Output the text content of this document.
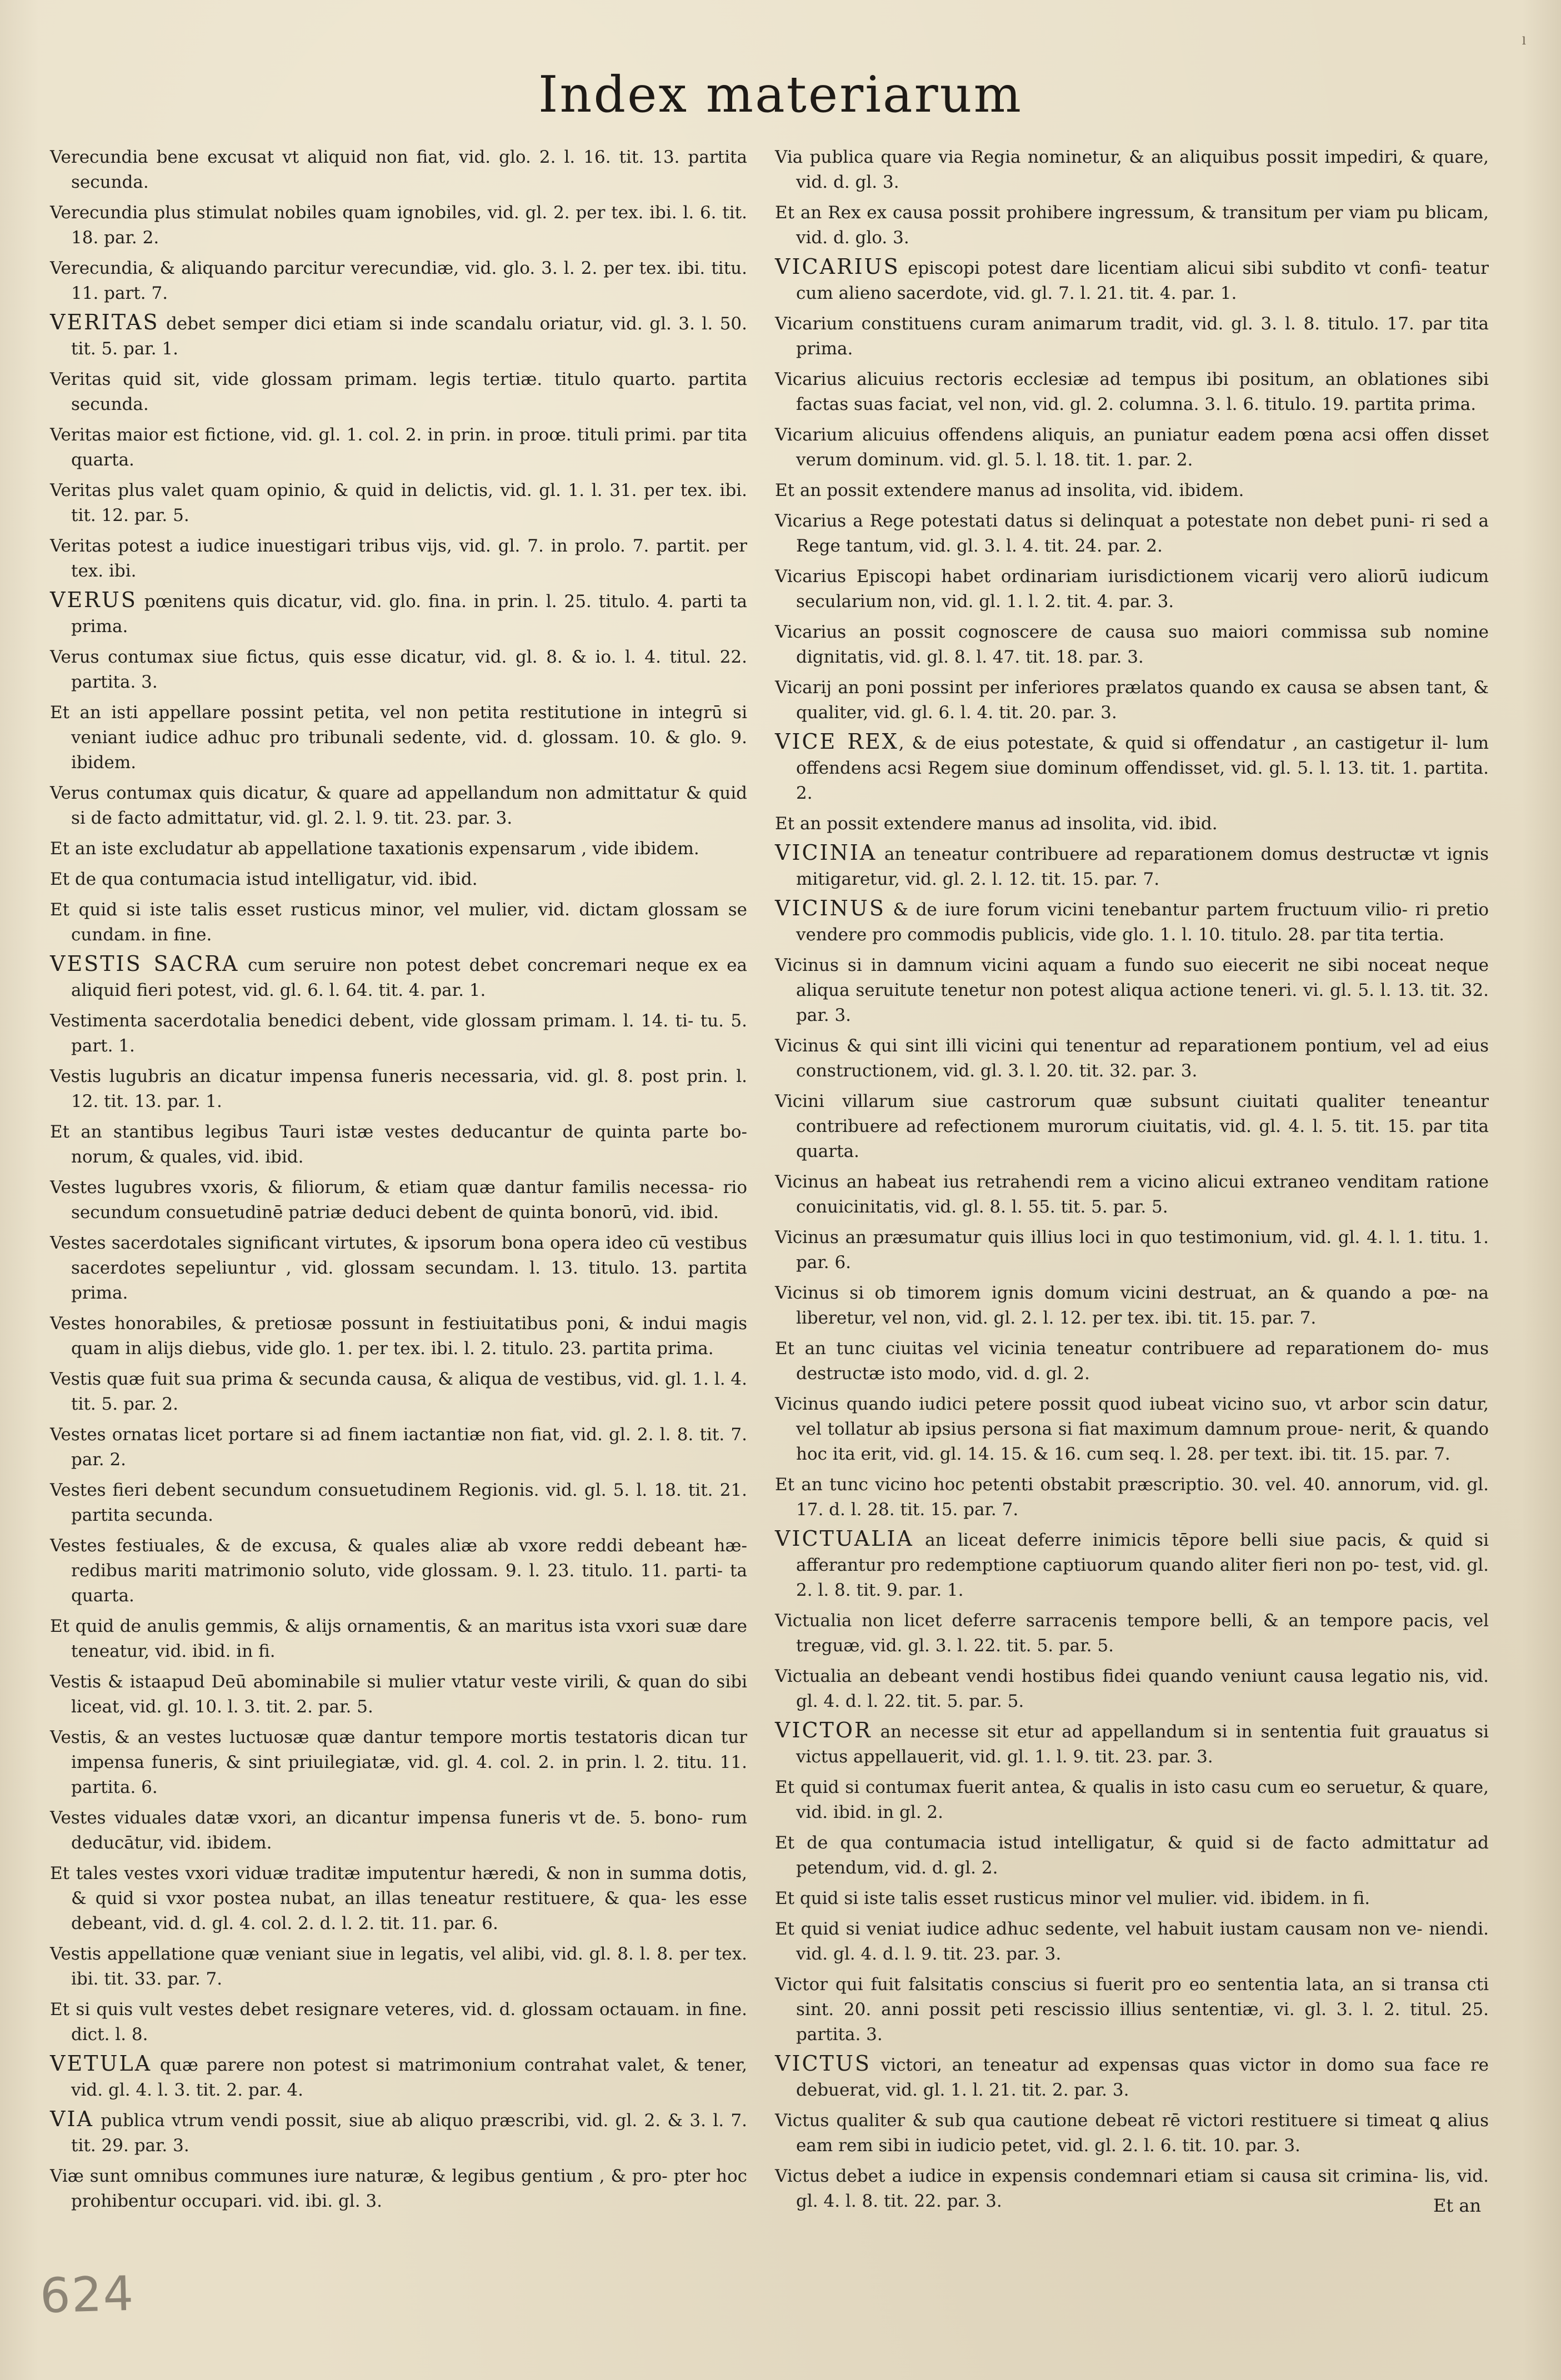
ˡ
Index materiarum
Verecundia bene excusat vt aliquid non fiat, vid. glo. 2. l. 16. tit. 13. partita secunda.
Verecundia plus stimulat nobiles quam ignobiles, vid. gl. 2. per tex. ibi. l. 6. tit. 18. par. 2.
Verecundia, & aliquando parcitur verecundiæ, vid. glo. 3. l. 2. per tex. ibi. titu. 11. part. 7.
VERITAS debet semper dici etiam si inde scandalu oriatur, vid. gl. 3. l. 50. tit. 5. par. 1.
Veritas quid sit, vide glossam primam. legis tertiæ. titulo quarto. partita secunda.
Veritas maior est fictione, vid. gl. 1. col. 2. in prin. in proœ. tituli primi. par tita quarta.
Veritas plus valet quam opinio, & quid in delictis, vid. gl. 1. l. 31. per tex. ibi. tit. 12. par. 5.
Veritas potest a iudice inuestigari tribus vijs, vid. gl. 7. in prolo. 7. partit. per tex. ibi.
VERUS pœnitens quis dicatur, vid. glo. fina. in prin. l. 25. titulo. 4. parti ta prima.
Verus contumax siue fictus, quis esse dicatur, vid. gl. 8. & io. l. 4. titul. 22. partita. 3.
Et an isti appellare possint petita, vel non petita restitutione in integrū si veniant iudice adhuc pro tribunali sedente, vid. d. glossam. 10. & glo. 9. ibidem.
Verus contumax quis dicatur, & quare ad appellandum non admittatur & quid si de facto admittatur, vid. gl. 2. l. 9. tit. 23. par. 3.
Et an iste excludatur ab appellatione taxationis expensarum , vide ibidem.
Et de qua contumacia istud intelligatur, vid. ibid.
Et quid si iste talis esset rusticus minor, vel mulier, vid. dictam glossam se cundam. in fine.
VESTIS SACRA cum seruire non potest debet concremari neque ex ea aliquid fieri potest, vid. gl. 6. l. 64. tit. 4. par. 1.
Vestimenta sacerdotalia benedici debent, vide glossam primam. l. 14. ti- tu. 5. part. 1.
Vestis lugubris an dicatur impensa funeris necessaria, vid. gl. 8. post prin. l. 12. tit. 13. par. 1.
Et an stantibus legibus Tauri istæ vestes deducantur de quinta parte bo- norum, & quales, vid. ibid.
Vestes lugubres vxoris, & filiorum, & etiam quæ dantur familis necessa- rio secundum consuetudinē patriæ deduci debent de quinta bonorū, vid. ibid.
Vestes sacerdotales significant virtutes, & ipsorum bona opera ideo cū vestibus sacerdotes sepeliuntur , vid. glossam secundam. l. 13. titulo. 13. partita prima.
Vestes honorabiles, & pretiosæ possunt in festiuitatibus poni, & indui magis quam in alijs diebus, vide glo. 1. per tex. ibi. l. 2. titulo. 23. partita prima.
Vestis quæ fuit sua prima & secunda causa, & aliqua de vestibus, vid. gl. 1. l. 4. tit. 5. par. 2.
Vestes ornatas licet portare si ad finem iactantiæ non fiat, vid. gl. 2. l. 8. tit. 7. par. 2.
Vestes fieri debent secundum consuetudinem Regionis. vid. gl. 5. l. 18. tit. 21. partita secunda.
Vestes festiuales, & de excusa, & quales aliæ ab vxore reddi debeant hæ- redibus mariti matrimonio soluto, vide glossam. 9. l. 23. titulo. 11. parti- ta quarta.
Et quid de anulis gemmis, & alijs ornamentis, & an maritus ista vxori suæ dare teneatur, vid. ibid. in fi.
Vestis & istaapud Deū abominabile si mulier vtatur veste virili, & quan do sibi liceat, vid. gl. 10. l. 3. tit. 2. par. 5.
Vestis, & an vestes luctuosæ quæ dantur tempore mortis testatoris dican tur impensa funeris, & sint priuilegiatæ, vid. gl. 4. col. 2. in prin. l. 2. titu. 11. partita. 6.
Vestes viduales datæ vxori, an dicantur impensa funeris vt de. 5. bono- rum deducātur, vid. ibidem.
Et tales vestes vxori viduæ traditæ imputentur hæredi, & non in summa dotis, & quid si vxor postea nubat, an illas teneatur restituere, & qua- les esse debeant, vid. d. gl. 4. col. 2. d. l. 2. tit. 11. par. 6.
Vestis appellatione quæ veniant siue in legatis, vel alibi, vid. gl. 8. l. 8. per tex. ibi. tit. 33. par. 7.
Et si quis vult vestes debet resignare veteres, vid. d. glossam octauam. in fine. dict. l. 8.
VETULA quæ parere non potest si matrimonium contrahat valet, & tener, vid. gl. 4. l. 3. tit. 2. par. 4.
VIA publica vtrum vendi possit, siue ab aliquo præscribi, vid. gl. 2. & 3. l. 7. tit. 29. par. 3.
Viæ sunt omnibus communes iure naturæ, & legibus gentium , & pro- pter hoc prohibentur occupari. vid. ibi. gl. 3.
Via publica quare via Regia nominetur, & an aliquibus possit impediri, & quare, vid. d. gl. 3.
Et an Rex ex causa possit prohibere ingressum, & transitum per viam pu blicam, vid. d. glo. 3.
VICARIUS episcopi potest dare licentiam alicui sibi subdito vt confi- teatur cum alieno sacerdote, vid. gl. 7. l. 21. tit. 4. par. 1.
Vicarium constituens curam animarum tradit, vid. gl. 3. l. 8. titulo. 17. par tita prima.
Vicarius alicuius rectoris ecclesiæ ad tempus ibi positum, an oblationes sibi factas suas faciat, vel non, vid. gl. 2. columna. 3. l. 6. titulo. 19. partita prima.
Vicarium alicuius offendens aliquis, an puniatur eadem pœna acsi offen disset verum dominum. vid. gl. 5. l. 18. tit. 1. par. 2.
Et an possit extendere manus ad insolita, vid. ibidem.
Vicarius a Rege potestati datus si delinquat a potestate non debet puni- ri sed a Rege tantum, vid. gl. 3. l. 4. tit. 24. par. 2.
Vicarius Episcopi habet ordinariam iurisdictionem vicarij vero aliorū iudicum secularium non, vid. gl. 1. l. 2. tit. 4. par. 3.
Vicarius an possit cognoscere de causa suo maiori commissa sub nomine dignitatis, vid. gl. 8. l. 47. tit. 18. par. 3.
Vicarij an poni possint per inferiores prælatos quando ex causa se absen tant, & qualiter, vid. gl. 6. l. 4. tit. 20. par. 3.
VICE REX, & de eius potestate, & quid si offendatur , an castigetur il- lum offendens acsi Regem siue dominum offendisset, vid. gl. 5. l. 13. tit. 1. partita. 2.
Et an possit extendere manus ad insolita, vid. ibid.
VICINIA an teneatur contribuere ad reparationem domus destructæ vt ignis mitigaretur, vid. gl. 2. l. 12. tit. 15. par. 7.
VICINUS & de iure forum vicini tenebantur partem fructuum vilio- ri pretio vendere pro commodis publicis, vide glo. 1. l. 10. titulo. 28. par tita tertia.
Vicinus si in damnum vicini aquam a fundo suo eiecerit ne sibi noceat neque aliqua seruitute tenetur non potest aliqua actione teneri. vi. gl. 5. l. 13. tit. 32. par. 3.
Vicinus & qui sint illi vicini qui tenentur ad reparationem pontium, vel ad eius constructionem, vid. gl. 3. l. 20. tit. 32. par. 3.
Vicini villarum siue castrorum quæ subsunt ciuitati qualiter teneantur contribuere ad refectionem murorum ciuitatis, vid. gl. 4. l. 5. tit. 15. par tita quarta.
Vicinus an habeat ius retrahendi rem a vicino alicui extraneo venditam ratione conuicinitatis, vid. gl. 8. l. 55. tit. 5. par. 5.
Vicinus an præsumatur quis illius loci in quo testimonium, vid. gl. 4. l. 1. titu. 1. par. 6.
Vicinus si ob timorem ignis domum vicini destruat, an & quando a pœ- na liberetur, vel non, vid. gl. 2. l. 12. per tex. ibi. tit. 15. par. 7.
Et an tunc ciuitas vel vicinia teneatur contribuere ad reparationem do- mus destructæ isto modo, vid. d. gl. 2.
Vicinus quando iudici petere possit quod iubeat vicino suo, vt arbor scin datur, vel tollatur ab ipsius persona si fiat maximum damnum proue- nerit, & quando hoc ita erit, vid. gl. 14. 15. & 16. cum seq. l. 28. per text. ibi. tit. 15. par. 7.
Et an tunc vicino hoc petenti obstabit præscriptio. 30. vel. 40. annorum, vid. gl. 17. d. l. 28. tit. 15. par. 7.
VICTUALIA an liceat deferre inimicis tēpore belli siue pacis, & quid si afferantur pro redemptione captiuorum quando aliter fieri non po- test, vid. gl. 2. l. 8. tit. 9. par. 1.
Victualia non licet deferre sarracenis tempore belli, & an tempore pacis, vel treguæ, vid. gl. 3. l. 22. tit. 5. par. 5.
Victualia an debeant vendi hostibus fidei quando veniunt causa legatio nis, vid. gl. 4. d. l. 22. tit. 5. par. 5.
VICTOR an necesse sit etur ad appellandum si in sententia fuit grauatus si victus appellauerit, vid. gl. 1. l. 9. tit. 23. par. 3.
Et quid si contumax fuerit antea, & qualis in isto casu cum eo seruetur, & quare, vid. ibid. in gl. 2.
Et de qua contumacia istud intelligatur, & quid si de facto admittatur ad petendum, vid. d. gl. 2.
Et quid si iste talis esset rusticus minor vel mulier. vid. ibidem. in fi.
Et quid si veniat iudice adhuc sedente, vel habuit iustam causam non ve- niendi. vid. gl. 4. d. l. 9. tit. 23. par. 3.
Victor qui fuit falsitatis conscius si fuerit pro eo sententia lata, an si transa cti sint. 20. anni possit peti rescissio illius sententiæ, vi. gl. 3. l. 2. titul. 25. partita. 3.
VICTUS victori, an teneatur ad expensas quas victor in domo sua face re debuerat, vid. gl. 1. l. 21. tit. 2. par. 3.
Victus qualiter & sub qua cautione debeat rē victori restituere si timeat ꝗ alius eam rem sibi in iudicio petet, vid. gl. 2. l. 6. tit. 10. par. 3.
Victus debet a iudice in expensis condemnari etiam si causa sit crimina- lis, vid. gl. 4. l. 8. tit. 22. par. 3.	Et an
624
